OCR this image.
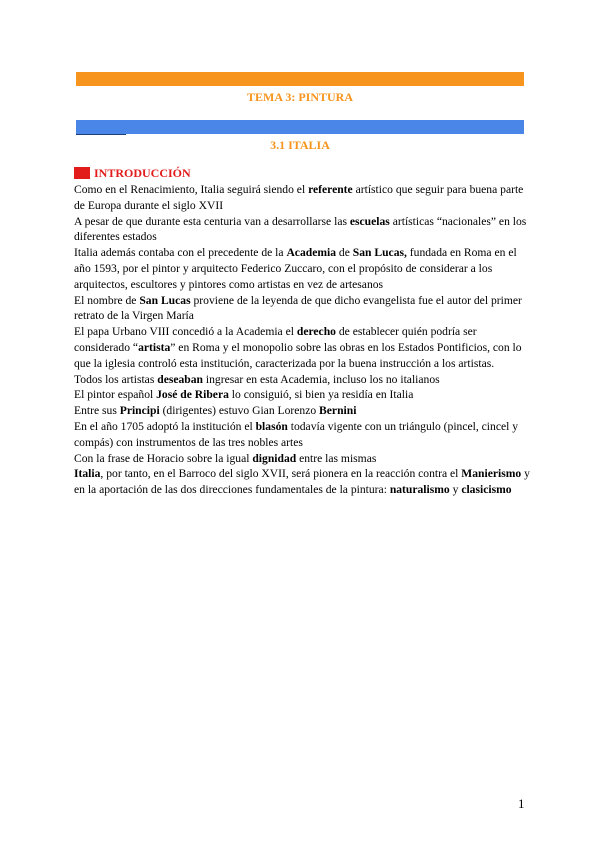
TEMA 3: PINTURA
3.1 ITALIA
INTRODUCCIÓN

Como en el Renacimiento, Italia seguirá siendo el referente artístico que seguir para buena parte de Europa durante el siglo XVII

A pesar de que durante esta centuria van a desarrollarse las escuelas artísticas “nacionales” en los diferentes estados

Italia además contaba con el precedente de la Academia de San Lucas, fundada en Roma en el año 1593, por el pintor y arquitecto Federico Zuccaro, con el propósito de considerar a los arquitectos, escultores y pintores como artistas en vez de artesanos

El nombre de San Lucas proviene de la leyenda de que dicho evangelista fue el autor del primer retrato de la Virgen María

El papa Urbano VIII concedió a la Academia el derecho de establecer quién podría ser considerado “artista” en Roma y el monopolio sobre las obras en los Estados Pontificios, con lo que la iglesia controló esta institución, caracterizada por la buena instrucción a los artistas.

Todos los artistas deseaban ingresar en esta Academia, incluso los no italianos

El pintor español José de Ribera lo consiguió, si bien ya residía en Italia

Entre sus Principi (dirigentes) estuvo Gian Lorenzo Bernini

En el año 1705 adoptó la institución el blasón todavía vigente con un triángulo (pincel, cincel y compás) con instrumentos de las tres nobles artes

Con la frase de Horacio sobre la igual dignidad entre las mismas

Italia, por tanto, en el Barroco del siglo XVII, será pionera en la reacción contra el Manierismo y en la aportación de las dos direcciones fundamentales de la pintura: naturalismo y clasicismo

1
